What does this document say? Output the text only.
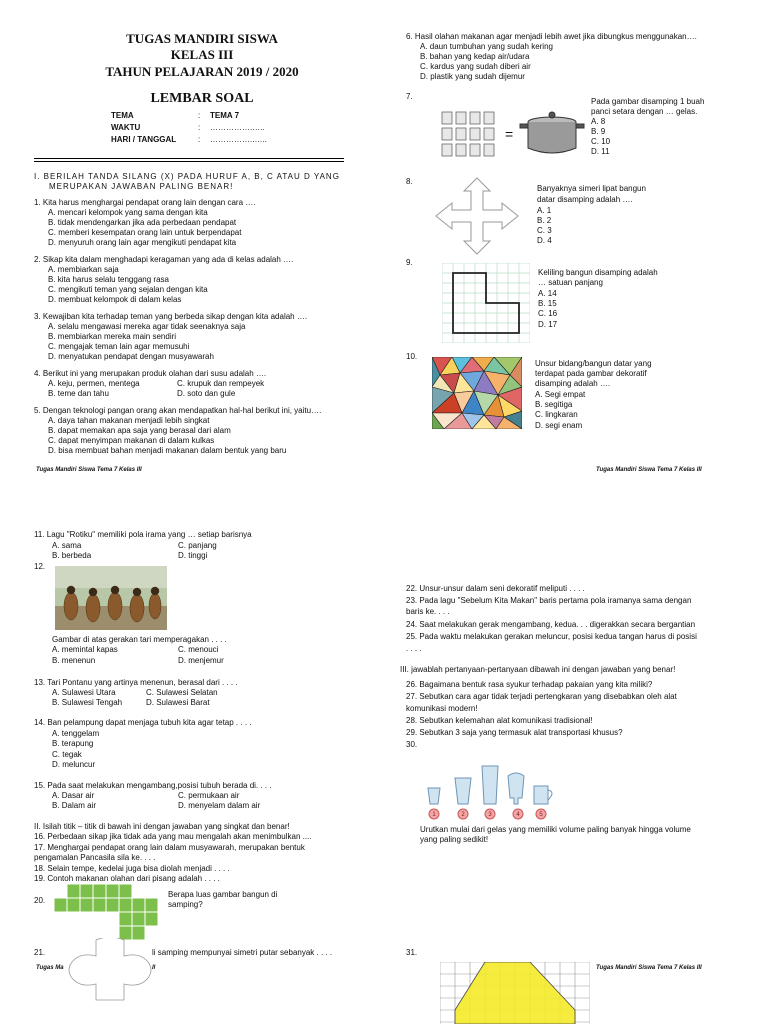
TUGAS MANDIRI SISWA
KELAS III
TAHUN PELAJARAN 2019 / 2020
LEMBAR SOAL
TEMA	: TEMA 7
WAKTU	: …………….…..
HARI / TANGGAL	: ……………..…..
I. BERILAH TANDA SILANG (X) PADA HURUF A, B, C ATAU D YANG
MERUPAKAN JAWABAN PALING BENAR!
1. Kita harus menghargai pendapat orang lain dengan cara ….
A. mencari kelompok yang sama dengan kita
B. tidak mendengarkan jika ada perbedaan pendapat
C. memberi kesempatan orang lain untuk berpendapat
D. menyuruh orang lain agar mengikuti pendapat kita
2. Sikap kita dalam menghadapi keragaman yang ada di kelas adalah ….
A. membiarkan saja
B. kita harus selalu tenggang rasa
C. mengikuti teman yang sejalan dengan kita
D. membuat kelompok di dalam kelas
3. Kewajiban kita terhadap teman yang berbeda sikap dengan kita adalah ….
A. selalu mengawasi mereka agar tidak seenaknya saja
B. membiarkan mereka main sendiri
C. mengajak teman lain agar memusuhi
D. menyatukan pendapat dengan musyawarah
4. Berikut ini yang merupakan produk olahan dari susu adalah ….
A. keju, permen, mentega	C. krupuk dan rempeyek
B. teme dan tahu	D. soto dan gule
5. Dengan teknologi pangan orang akan mendapatkan hal-hal berikut ini, yaitu….
A. daya tahan makanan menjadi lebih singkat
B. dapat memakan apa saja yang berasal dari alam
C. dapat menyimpan makanan di dalam kulkas
D. bisa membuat bahan menjadi makanan dalam bentuk yang baru
Tugas Mandiri Siswa Tema 7 Kelas III
6. Hasil olahan makanan agar menjadi lebih awet jika dibungkus menggunakan….
A. daun tumbuhan yang sudah kering
B. bahan yang kedap air/udara
C. kardus yang sudah diberi air
D. plastik yang sudah dijemur
7.
=
Pada gambar disamping 1 buah
panci setara dengan … gelas.
A. 8
B. 9
C. 10
D. 11
8.
Banyaknya simeri lipat bangun
datar disamping adalah ….
A. 1
B. 2
C. 3
D. 4
9.
Keliling bangun disamping adalah
… satuan panjang
A. 14
B. 15
C. 16
D. 17
10.
Unsur bidang/bangun datar yang
terdapat pada gambar dekoratif
disamping adalah ….
A. Segi empat
B. segitiga
C. lingkaran
D. segi enam
Tugas Mandiri Siswa Tema 7 Kelas III
11. Lagu "Rotiku" memiliki pola irama yang … setiap barisnya
A. sama	C. panjang
B. berbeda	D. tinggi
12.
Gambar di atas gerakan tari memperagakan . . . .
A. memintal kapas	C. menouci
B. menenun	D. menjemur
13. Tari Pontanu yang artinya menenun, berasal dari . . . .
A. Sulawesi Utara	C. Sulawesi Selatan
B. Sulawesi Tengah	D. Sulawesi Barat
14. Ban pelampung dapat menjaga tubuh kita agar tetap . . . .
A. tenggelam
B. terapung
C. tegak
D. meluncur
15. Pada saat melakukan mengambang,posisi tubuh berada di. . . .
A. Dasar air	C. permukaan air
B. Dalam air	D. menyelam dalam air
II. Isilah titik – titik di bawah ini dengan jawaban yang singkat dan benar!
16. Perbedaan sikap jika tidak ada yang mau mengalah akan menimbulkan ....
17. Menghargai pendapat orang lain dalam musyawarah, merupakan bentuk
pengamalan Pancasila sila ke. . . .
18. Selain tempe, kedelai juga bisa diolah menjadi . . . .
19. Contoh makanan olahan dari pisang adalah . . . .
20.
Berapa luas gambar bangun di
samping?
21.	li samping mempunyai simetri putar sebanyak . . . .
Tugas Ma	ll
22. Unsur-unsur dalam seni dekoratif meliputi . . . .
23. Pada lagu "Sebelum Kita Makan" baris pertama pola iramanya sama dengan
baris ke. . . .
24. Saat melakukan gerak mengambang, kedua. . . digerakkan secara bergantian
25. Pada waktu melakukan gerakan meluncur, posisi kedua tangan harus di posisi
. . . .
III. jawablah pertanyaan-pertanyaan dibawah ini dengan jawaban yang benar!
26. Bagaimana bentuk rasa syukur terhadap pakaian yang kita miliki?
27. Sebutkan cara agar tidak terjadi pertengkaran yang disebabkan oleh alat
komunikasi modern!
28. Sebutkan kelemahan alat komunikasi tradisional!
29. Sebutkan 3 saja yang termasuk alat transportasi khusus?
30.
1	2	3	4	5
Urutkan mulai dari gelas yang memiliki volume paling banyak hingga volume
yang paling sedikit!
31.
Tugas Mandiri Siswa Tema 7 Kelas III
